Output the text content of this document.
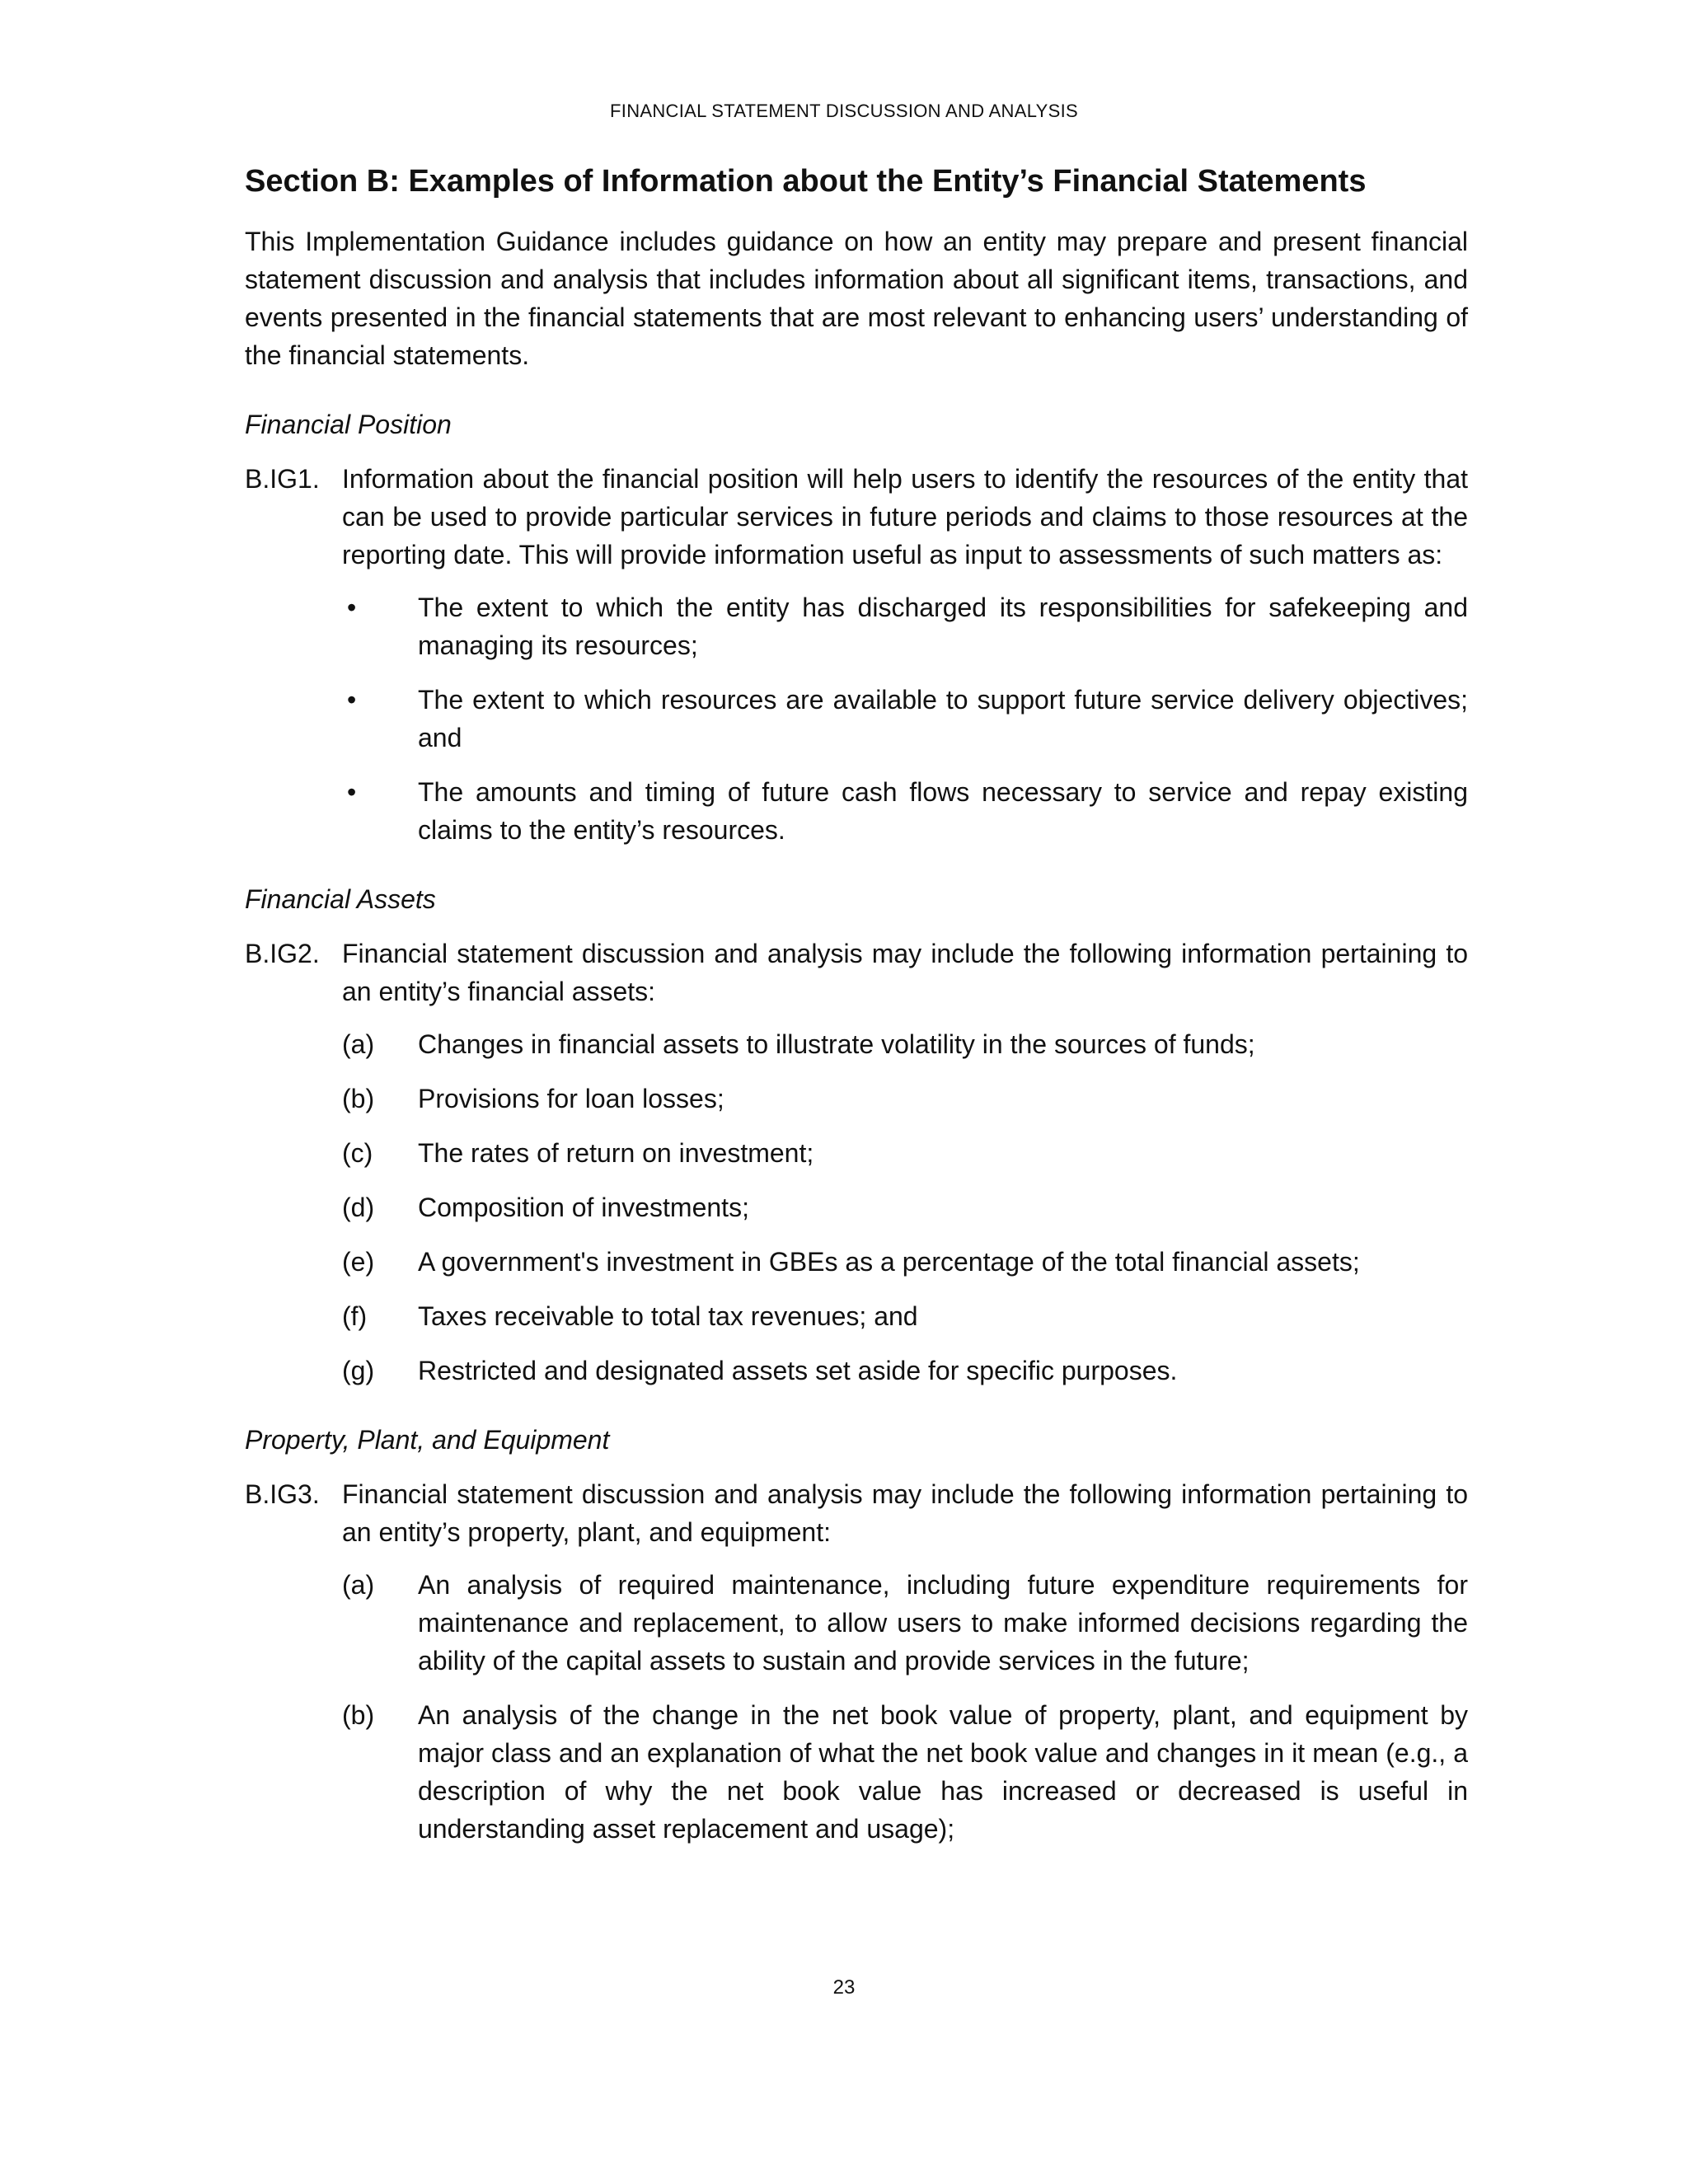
FINANCIAL STATEMENT DISCUSSION AND ANALYSIS
Section B: Examples of Information about the Entity’s Financial Statements

This Implementation Guidance includes guidance on how an entity may prepare and present financial statement discussion and analysis that includes information about all significant items, transactions, and events presented in the financial statements that are most relevant to enhancing users’ understanding of the financial statements.

Financial Position
B.IG1. Information about the financial position will help users to identify the resources of the entity that can be used to provide particular services in future periods and claims to those resources at the reporting date. This will provide information useful as input to assessments of such matters as:
•	The extent to which the entity has discharged its responsibilities for safekeeping and managing its resources;
•	The extent to which resources are available to support future service delivery objectives; and
•	The amounts and timing of future cash flows necessary to service and repay existing claims to the entity’s resources.
Financial Assets
B.IG2. Financial statement discussion and analysis may include the following information pertaining to an entity’s financial assets:
(a)	Changes in financial assets to illustrate volatility in the sources of funds;
(b)	Provisions for loan losses;
(c)	The rates of return on investment;
(d)	Composition of investments;
(e)	A government's investment in GBEs as a percentage of the total financial assets;
(f)	Taxes receivable to total tax revenues; and
(g)	Restricted and designated assets set aside for specific purposes.
Property, Plant, and Equipment
B.IG3. Financial statement discussion and analysis may include the following information pertaining to an entity’s property, plant, and equipment:
(a)	An analysis of required maintenance, including future expenditure requirements for maintenance and replacement, to allow users to make informed decisions regarding the ability of the capital assets to sustain and provide services in the future;
(b)	An analysis of the change in the net book value of property, plant, and equipment by major class and an explanation of what the net book value and changes in it mean (e.g., a description of why the net book value has increased or decreased is useful in understanding asset replacement and usage);
23
